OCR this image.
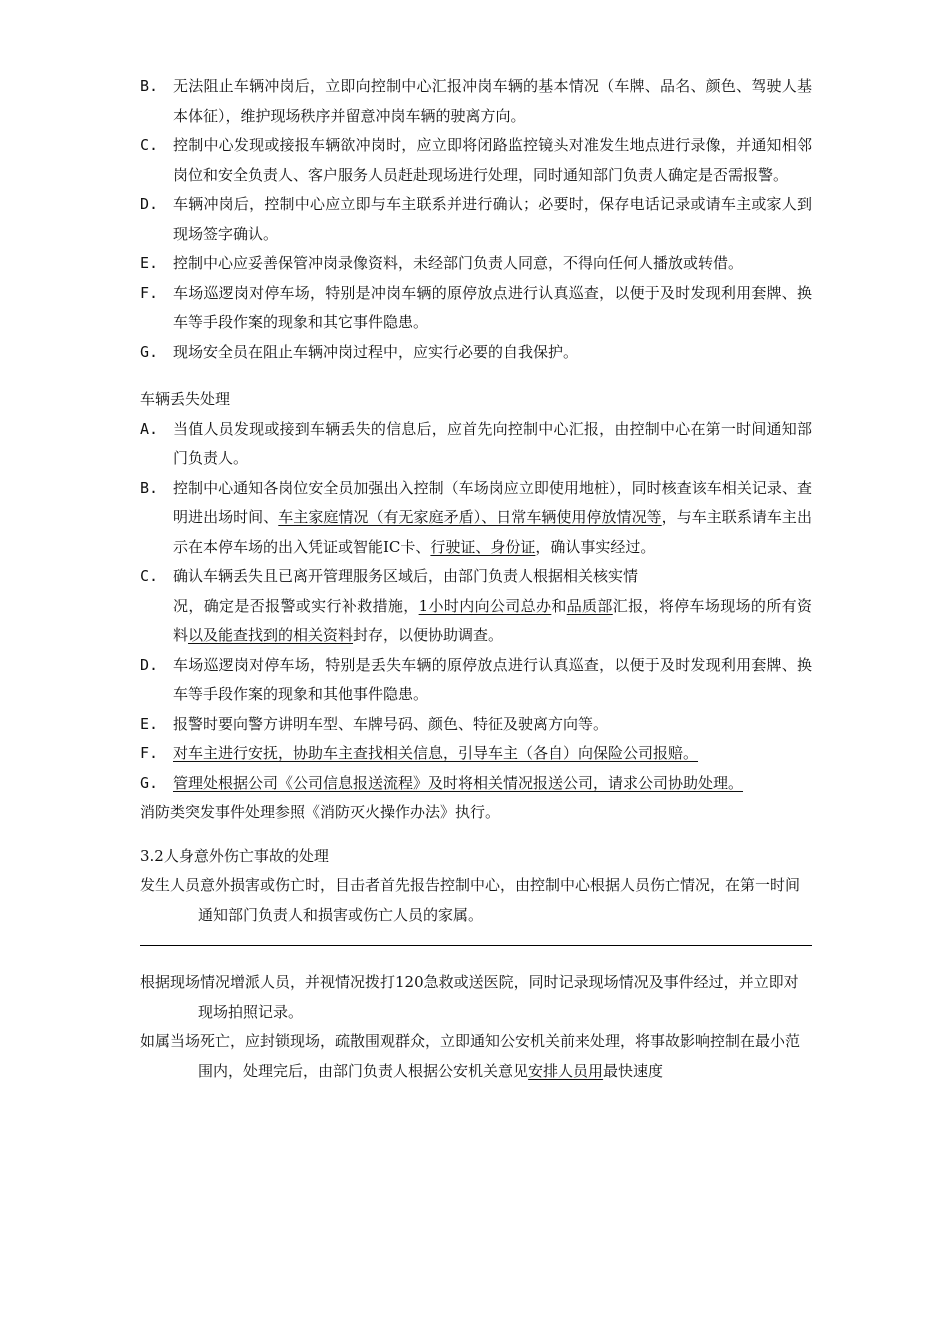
B. 无法阻止车辆冲岗后，立即向控制中心汇报冲岗车辆的基本情况（车牌、品名、颜色、驾驶人基本体征），维护现场秩序并留意冲岗车辆的驶离方向。
C. 控制中心发现或接报车辆欲冲岗时，应立即将闭路监控镜头对准发生地点进行录像，并通知相邻岗位和安全负责人、客户服务人员赶赴现场进行处理，同时通知部门负责人确定是否需报警。
D. 车辆冲岗后，控制中心应立即与车主联系并进行确认；必要时，保存电话记录或请车主或家人到现场签字确认。
E. 控制中心应妥善保管冲岗录像资料，未经部门负责人同意，不得向任何人播放或转借。
F. 车场巡逻岗对停车场，特别是冲岗车辆的原停放点进行认真巡查，以便于及时发现利用套牌、换车等手段作案的现象和其它事件隐患。
G. 现场安全员在阻止车辆冲岗过程中，应实行必要的自我保护。
车辆丢失处理
A. 当值人员发现或接到车辆丢失的信息后，应首先向控制中心汇报，由控制中心在第一时间通知部门负责人。
B. 控制中心通知各岗位安全员加强出入控制（车场岗应立即使用地桩），同时核查该车相关记录、查明进出场时间、车主家庭情况（有无家庭矛盾）、日常车辆使用停放情况等，与车主联系请车主出示在本停车场的出入凭证或智能IC卡、行驶证、身份证，确认事实经过。
C. 确认车辆丢失且已离开管理服务区域后，由部门负责人根据相关核实情
况，确定是否报警或实行补救措施，1小时内向公司总办和品质部汇报，将停车场现场的所有资料以及能查找到的相关资料封存，以便协助调查。
D. 车场巡逻岗对停车场，特别是丢失车辆的原停放点进行认真巡查，以便于及时发现利用套牌、换车等手段作案的现象和其他事件隐患。
E. 报警时要向警方讲明车型、车牌号码、颜色、特征及驶离方向等。
F. 对车主进行安抚，协助车主查找相关信息，引导车主（各自）向保险公司报赔。
G. 管理处根据公司《公司信息报送流程》及时将相关情况报送公司，请求公司协助处理。
消防类突发事件处理参照《消防灭火操作办法》执行。
3.2人身意外伤亡事故的处理
发生人员意外损害或伤亡时，目击者首先报告控制中心，由控制中心根据人员伤亡情况，在第一时间通知部门负责人和损害或伤亡人员的家属。
根据现场情况增派人员，并视情况拨打120急救或送医院，同时记录现场情况及事件经过，并立即对现场拍照记录。
如属当场死亡，应封锁现场，疏散围观群众，立即通知公安机关前来处理，将事故影响控制在最小范围内，处理完后，由部门负责人根据公安机关意见安排人员用最快速度
